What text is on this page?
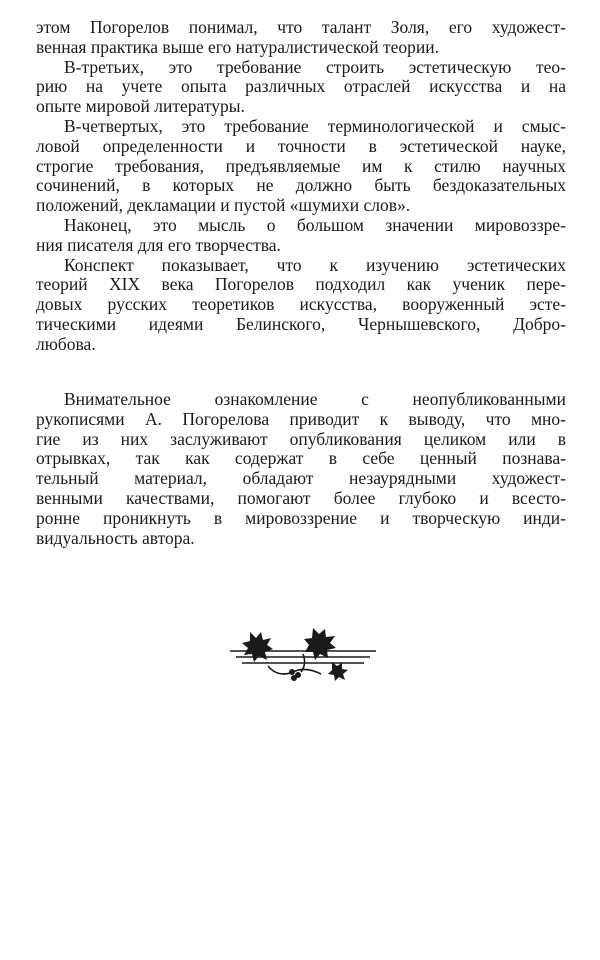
этом Погорелов понимал, что талант Золя, его художест-
венная практика выше его натуралистической теории.
В-третьих, это требование строить эстетическую тео-
рию на учете опыта различных отраслей искусства и на
опыте мировой литературы.
В-четвертых, это требование терминологической и смыс-
ловой определенности и точности в эстетической науке,
строгие требования, предъявляемые им к стилю научных
сочинений, в которых не должно быть бездоказательных
положений, декламации и пустой «шумихи слов».
Наконец, это мысль о большом значении мировоззре-
ния писателя для его творчества.
Конспект показывает, что к изучению эстетических
теорий XIX века Погорелов подходил как ученик пере-
довых русских теоретиков искусства, вооруженный эсте-
тическими идеями Белинского, Чернышевского, Добро-
любова.
Внимательное ознакомление с неопубликованными
рукописями А. Погорелова приводит к выводу, что мно-
гие из них заслуживают опубликования целиком или в
отрывках, так как содержат в себе ценный познава-
тельный материал, обладают незаурядными художест-
венными качествами, помогают более глубоко и всесто-
ронне проникнуть в мировоззрение и творческую инди-
видуальность автора.
